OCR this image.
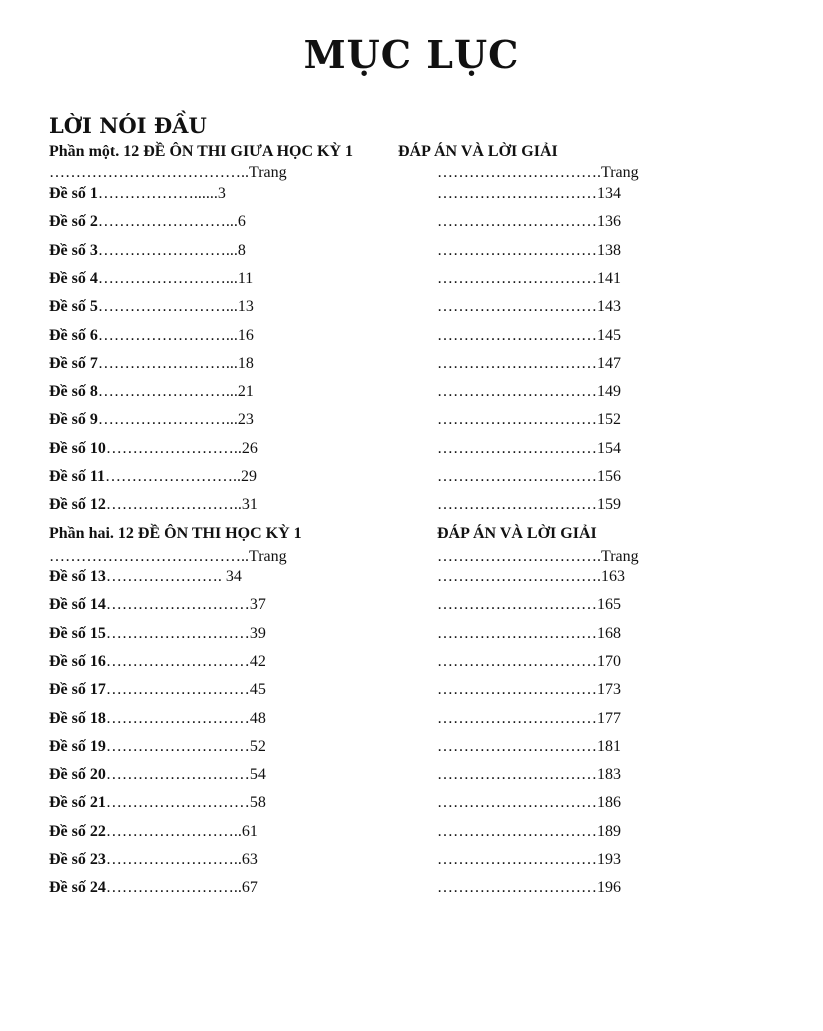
MỤC LỤC
LỜI NÓI ĐẦU
Phần một. 12 ĐỀ ÔN THI GIƯA HỌC KỲ 1	ĐÁP ÁN VÀ LỜI GIẢI
………………………………..Trang	………………………….Trang
Đề số 1………………......3	…………………………134
Đề số 2……………………...6	…………………………136
Đề số 3……………………...8	…………………………138
Đề số 4……………………...11	…………………………141
Đề số 5……………………...13	…………………………143
Đề số 6……………………...16	…………………………145
Đề số 7……………………...18	…………………………147
Đề số 8……………………...21	…………………………149
Đề số 9……………………...23	…………………………152
Đề số 10……………………..26	…………………………154
Đề số 11……………………..29	…………………………156
Đề số 12……………………..31	…………………………159
Phần hai. 12 ĐỀ ÔN THI HỌC KỲ 1	ĐÁP ÁN VÀ LỜI GIẢI
………………………………..Trang	………………………….Trang
Đề số 13…………………. 34	………………………….163
Đề số 14………………………37	…………………………165
Đề số 15………………………39	…………………………168
Đề số 16………………………42	…………………………170
Đề số 17………………………45	…………………………173
Đề số 18………………………48	…………………………177
Đề số 19………………………52	…………………………181
Đề số 20………………………54	…………………………183
Đề số 21………………………58	…………………………186
Đề số 22……………………..61	…………………………189
Đề số 23……………………..63	…………………………193
Đề số 24……………………..67	…………………………196
